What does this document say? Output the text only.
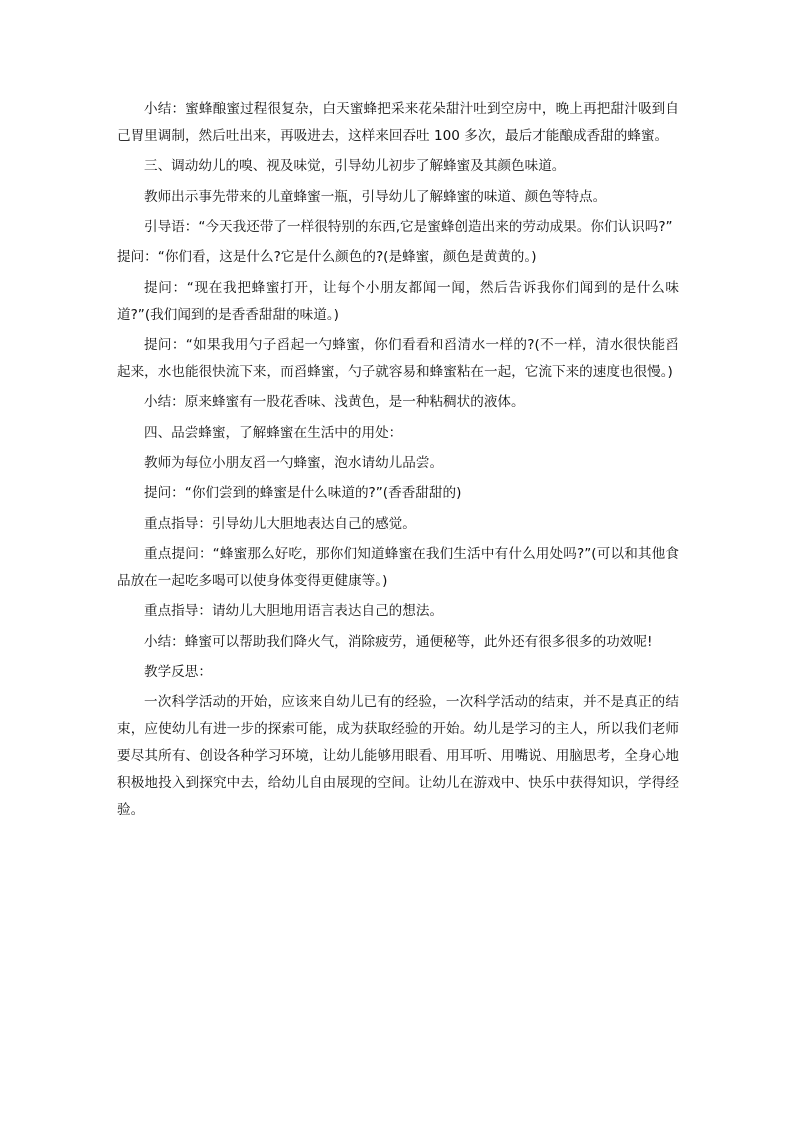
小结：蜜蜂酿蜜过程很复杂，白天蜜蜂把采来花朵甜汁吐到空房中，晚上再把甜汁吸到自己胃里调制，然后吐出来，再吸进去，这样来回吞吐 100 多次，最后才能酿成香甜的蜂蜜。

三、调动幼儿的嗅、视及味觉，引导幼儿初步了解蜂蜜及其颜色味道。

教师出示事先带来的儿童蜂蜜一瓶，引导幼儿了解蜂蜜的味道、颜色等特点。

引导语：“今天我还带了一样很特别的东西,它是蜜蜂创造出来的劳动成果。你们认识吗?”

提问：“你们看，这是什么?它是什么颜色的?(是蜂蜜，颜色是黄黄的。)

提问：“现在我把蜂蜜打开，让每个小朋友都闻一闻，然后告诉我你们闻到的是什么味道?”(我们闻到的是香香甜甜的味道。)

提问：“如果我用勺子舀起一勺蜂蜜，你们看看和舀清水一样的?(不一样，清水很快能舀起来，水也能很快流下来，而舀蜂蜜，勺子就容易和蜂蜜粘在一起，它流下来的速度也很慢。)

小结：原来蜂蜜有一股花香味、浅黄色，是一种粘稠状的液体。

四、品尝蜂蜜，了解蜂蜜在生活中的用处：

教师为每位小朋友舀一勺蜂蜜，泡水请幼儿品尝。

提问：“你们尝到的蜂蜜是什么味道的?”(香香甜甜的)

重点指导：引导幼儿大胆地表达自己的感觉。

重点提问：“蜂蜜那么好吃，那你们知道蜂蜜在我们生活中有什么用处吗?”(可以和其他食品放在一起吃多喝可以使身体变得更健康等。)

重点指导：请幼儿大胆地用语言表达自己的想法。

小结：蜂蜜可以帮助我们降火气，消除疲劳，通便秘等，此外还有很多很多的功效呢!

教学反思：

一次科学活动的开始，应该来自幼儿已有的经验，一次科学活动的结束，并不是真正的结束，应使幼儿有进一步的探索可能，成为获取经验的开始。幼儿是学习的主人，所以我们老师要尽其所有、创设各种学习环境，让幼儿能够用眼看、用耳听、用嘴说、用脑思考，全身心地积极地投入到探究中去，给幼儿自由展现的空间。让幼儿在游戏中、快乐中获得知识，学得经验。
